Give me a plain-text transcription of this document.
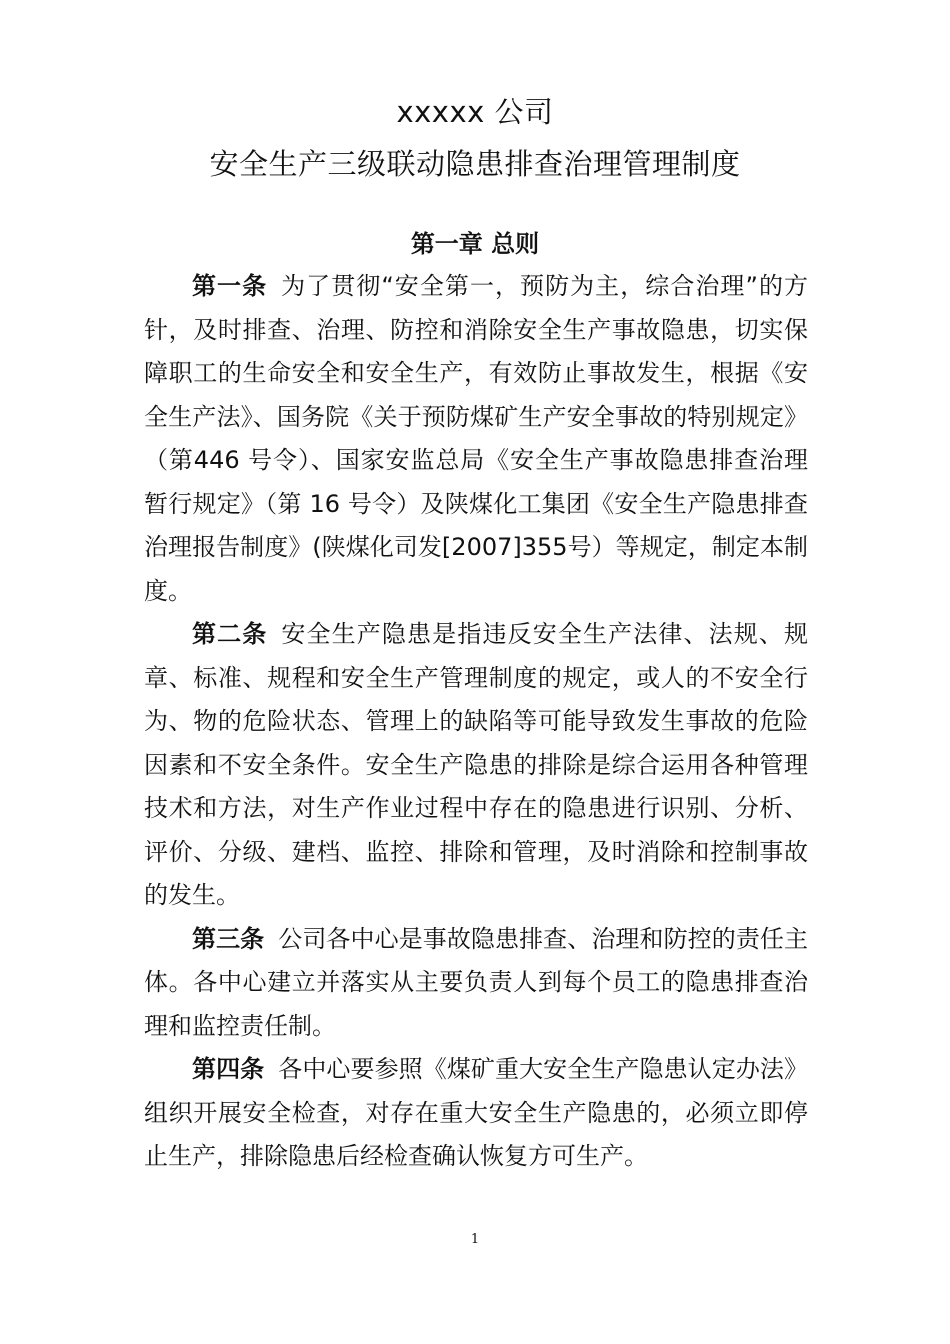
xxxxx 公司
安全生产三级联动隐患排查治理管理制度
第一章 总则

第一条 为了贯彻“安全第一，预防为主，综合治理”的方针，及时排查、治理、防控和消除安全生产事故隐患，切实保障职工的生命安全和安全生产，有效防止事故发生，根据《安全生产法》、国务院《关于预防煤矿生产安全事故的特别规定》（第446 号令）、国家安监总局《安全生产事故隐患排查治理暂行规定》（第 16 号令）及陕煤化工集团《安全生产隐患排查治理报告制度》(陕煤化司发[2007]355号）等规定，制定本制度。

第二条 安全生产隐患是指违反安全生产法律、法规、规章、标准、规程和安全生产管理制度的规定，或人的不安全行为、物的危险状态、管理上的缺陷等可能导致发生事故的危险因素和不安全条件。安全生产隐患的排除是综合运用各种管理技术和方法，对生产作业过程中存在的隐患进行识别、分析、评价、分级、建档、监控、排除和管理，及时消除和控制事故的发生。

第三条 公司各中心是事故隐患排查、治理和防控的责任主体。各中心建立并落实从主要负责人到每个员工的隐患排查治理和监控责任制。

第四条 各中心要参照《煤矿重大安全生产隐患认定办法》组织开展安全检查，对存在重大安全生产隐患的，必须立即停止生产，排除隐患后经检查确认恢复方可生产。

1
